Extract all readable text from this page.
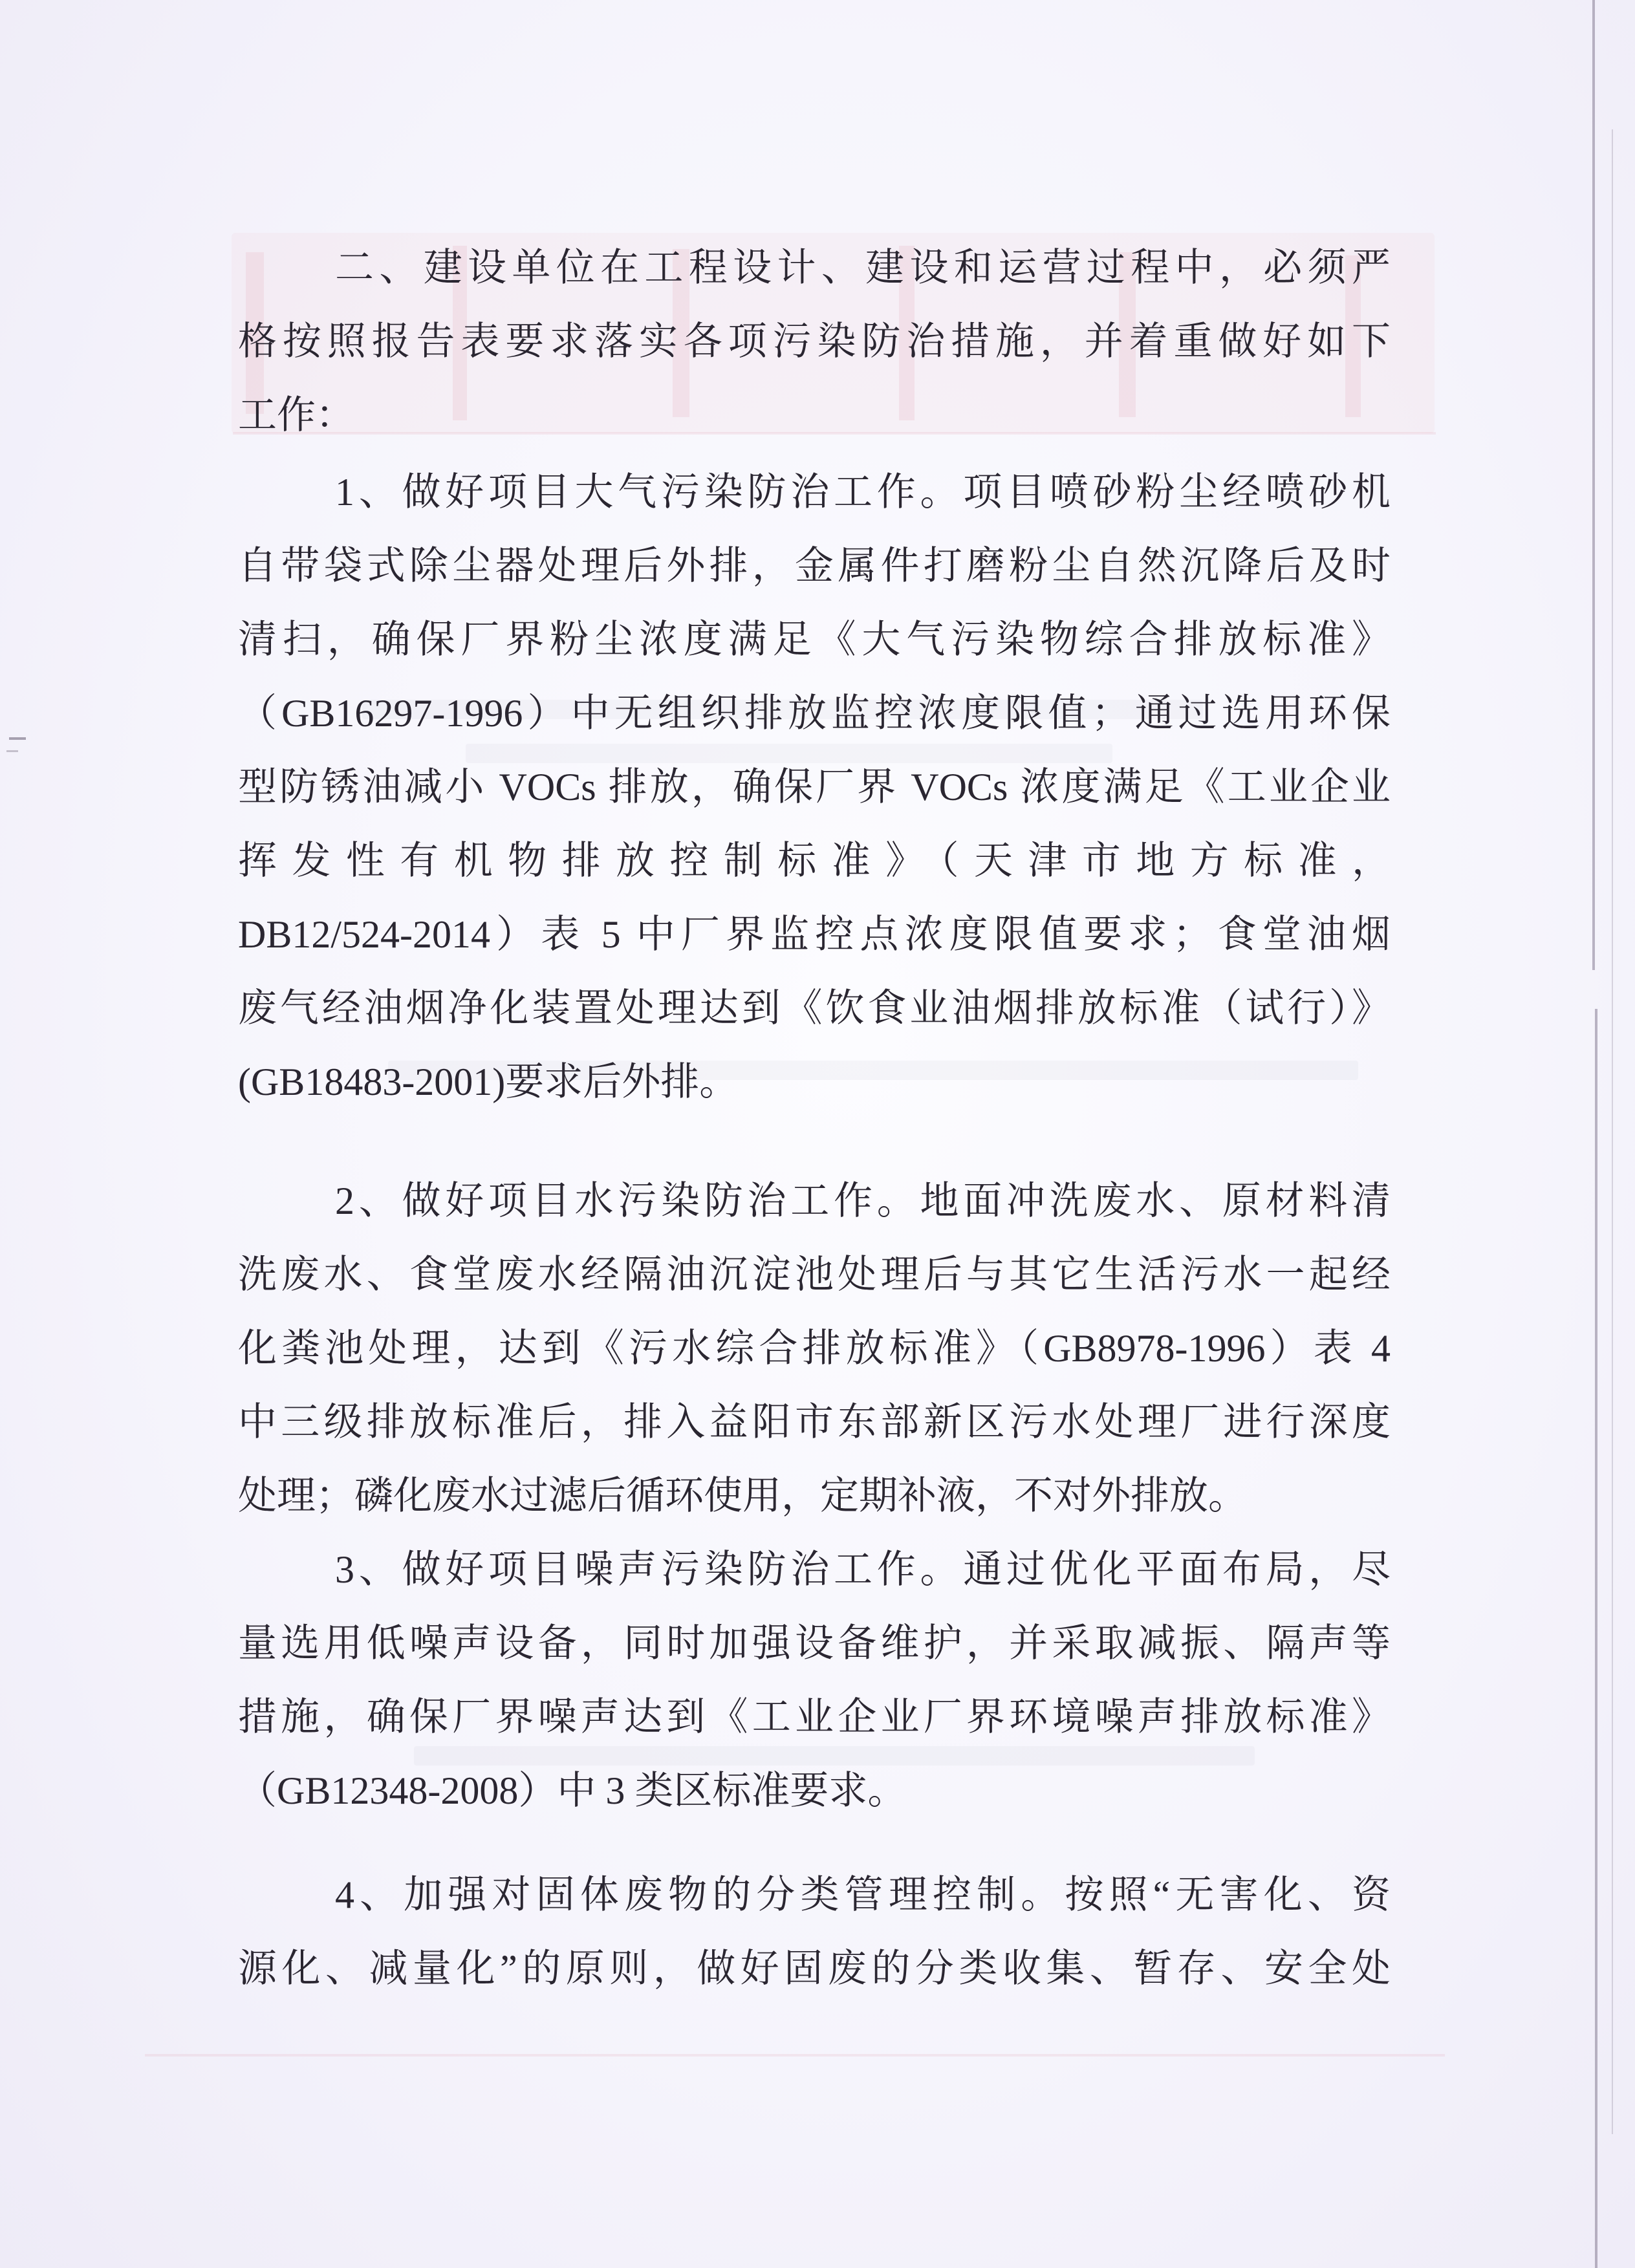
二、建设单位在工程设计、建设和运营过程中，必须严
格按照报告表要求落实各项污染防治措施，并着重做好如下
工作：
1、做好项目大气污染防治工作。项目喷砂粉尘经喷砂机
自带袋式除尘器处理后外排，金属件打磨粉尘自然沉降后及时
清扫，确保厂界粉尘浓度满足《大气污染物综合排放标准》
（GB16297-1996）中无组织排放监控浓度限值；通过选用环保
型防锈油减小 VOCs 排放，确保厂界 VOCs 浓度满足《工业企业
挥发性有机物排放控制标准》（天津市地方标准，
DB12/524-2014）表 5 中厂界监控点浓度限值要求；食堂油烟
废气经油烟净化装置处理达到《饮食业油烟排放标准（试行）》
(GB18483-2001)要求后外排。
2、做好项目水污染防治工作。地面冲洗废水、原材料清
洗废水、食堂废水经隔油沉淀池处理后与其它生活污水一起经
化粪池处理，达到《污水综合排放标准》（GB8978-1996）表 4
中三级排放标准后，排入益阳市东部新区污水处理厂进行深度
处理；磷化废水过滤后循环使用，定期补液，不对外排放。
3、做好项目噪声污染防治工作。通过优化平面布局，尽
量选用低噪声设备，同时加强设备维护，并采取减振、隔声等
措施，确保厂界噪声达到《工业企业厂界环境噪声排放标准》
（GB12348-2008）中 3 类区标准要求。
4、加强对固体废物的分类管理控制。按照“无害化、资
源化、减量化”的原则，做好固废的分类收集、暂存、安全处
